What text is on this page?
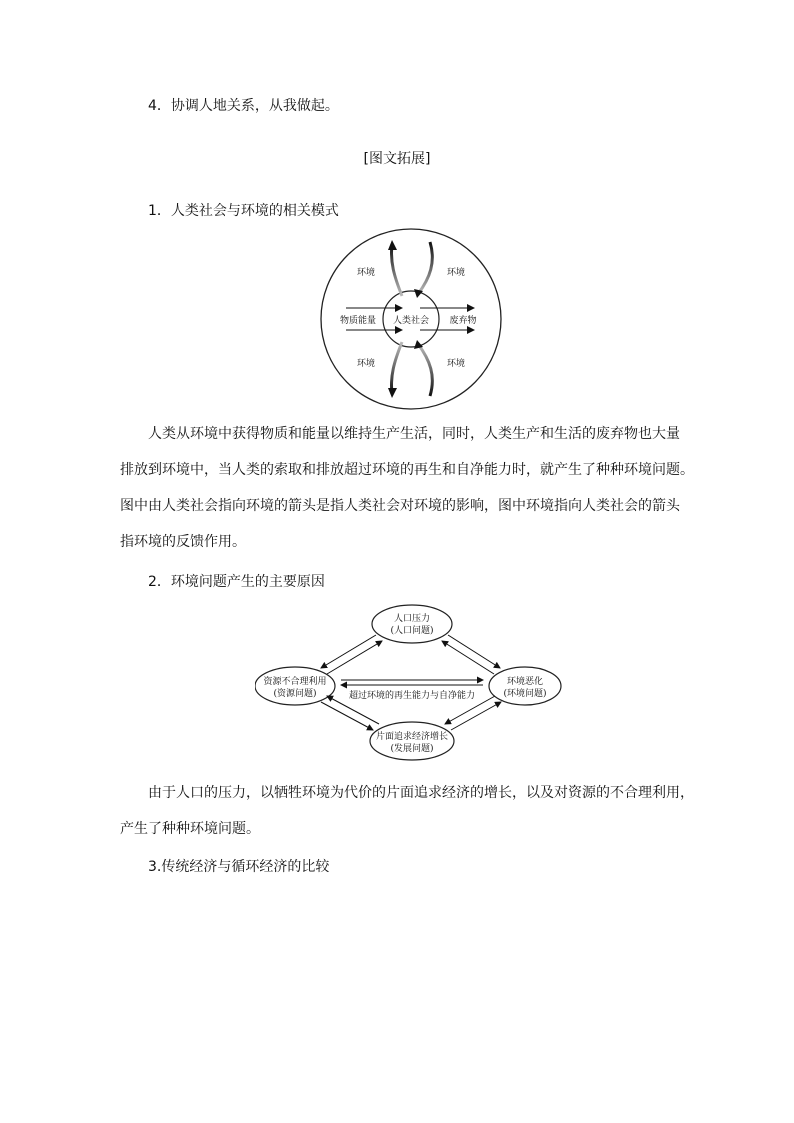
4．协调人地关系，从我做起。
[图文拓展]
1．人类社会与环境的相关模式
环境	环境
环境	环境
物质能量 人类社会 废弃物
人类从环境中获得物质和能量以维持生产生活，同时，人类生产和生活的废弃物也大量
排放到环境中，当人类的索取和排放超过环境的再生和自净能力时，就产生了种种环境问题。
图中由人类社会指向环境的箭头是指人类社会对环境的影响，图中环境指向人类社会的箭头
指环境的反馈作用。
2．环境问题产生的主要原因
人口压力
(人口问题)
资源不合理利用
(资源问题)
环境恶化
(环境问题)
片面追求经济增长
(发展问题)
超过环境的再生能力与自净能力
由于人口的压力，以牺牲环境为代价的片面追求经济的增长，以及对资源的不合理利用，
产生了种种环境问题。
3.传统经济与循环经济的比较
